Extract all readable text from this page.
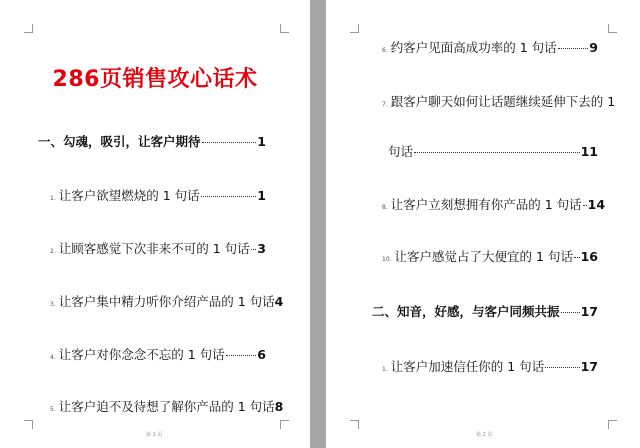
286页销售攻心话术
一、勾魂，吸引，让客户期待	1
1. 让客户欲望燃烧的 1 句话	1
2. 让顾客感觉下次非来不可的 1 句话 3
3. 让客户集中精力听你介绍产品的 1 句话 4
4. 让客户对你念念不忘的 1 句话	6
5. 让客户迫不及待想了解你产品的 1 句话 8
第 1 页
6. 约客户见面高成功率的 1 句话	9
7. 跟客户聊天如何让话题继续延伸下去的 1
句话	11
8. 让客户立刻想拥有你产品的 1 句话 14
10. 让客户感觉占了大便宜的 1 句话 16
二、知音，好感，与客户同频共振 17
1. 让客户加速信任你的 1 句话	17
第 2 页
